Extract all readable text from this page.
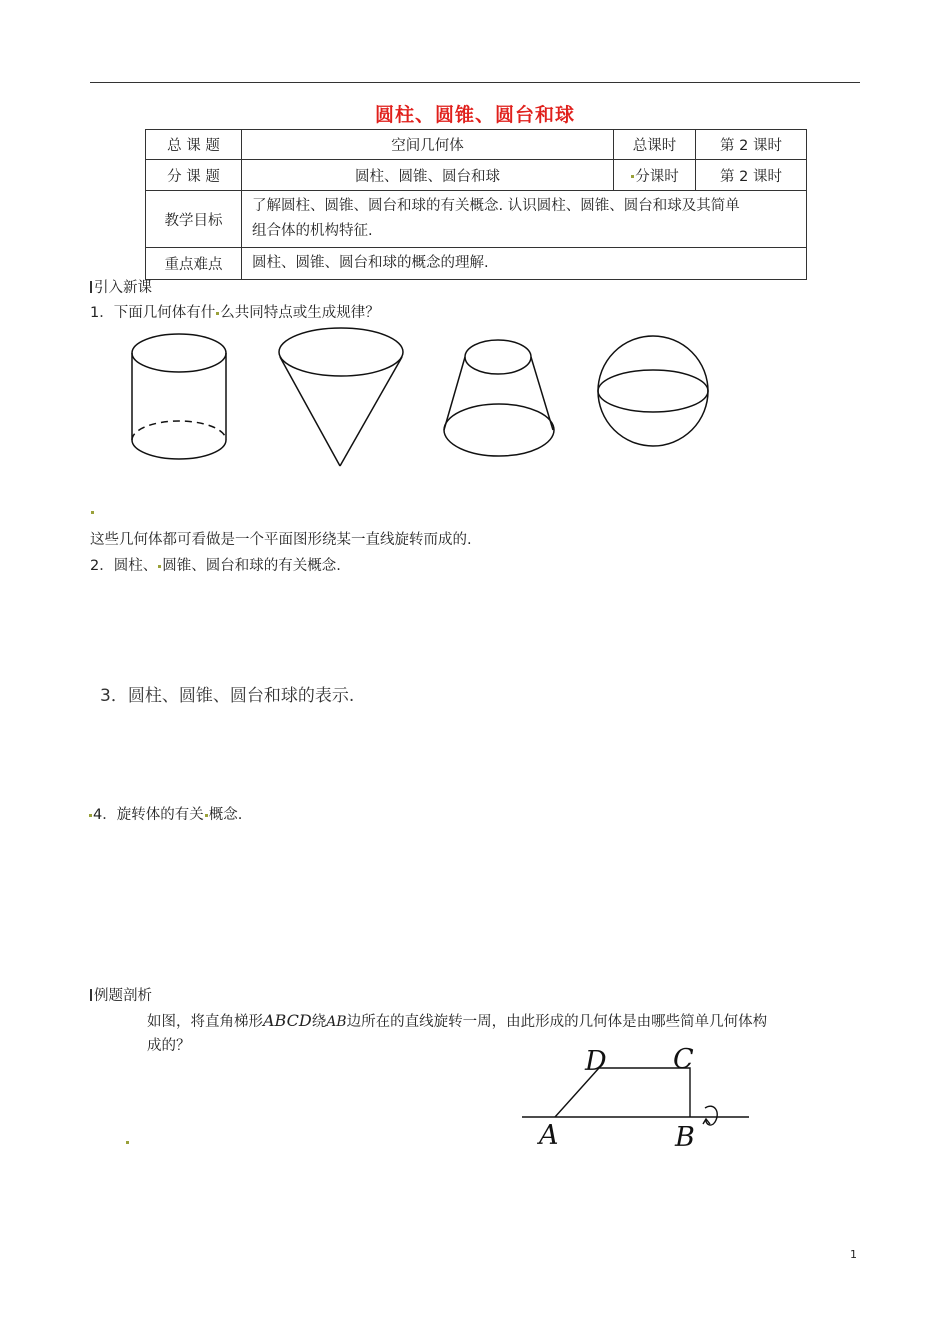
圆柱、圆锥、圆台和球
总 课 题	空间几何体	总课时	第 2 课时
分 课 题	圆柱、圆锥、圆台和球	分课时	第 2 课时
教学目标	了解圆柱、圆锥、圆台和球的有关概念. 认识圆柱、圆锥、圆台和球及其简单
组合体的机构特征.		

重点难点	圆柱、圆锥、圆台和球的概念的理解.		
引入新课
1．下面几何体有什 么共同特点或生成规律？
这些几何体都可看做是一个平面图形绕某一直线旋转而成的.
2．圆柱、 圆锥、圆台和球的有关概念.
3．圆柱、圆锥、圆台和球的表示.
4．旋转体的有关 概念.
例题剖析
如图，将直角梯形ABCD绕AB边所在的直线旋转一周，由此形成的几何体是由哪些简单几何体构
成的？	D C
A	B
1
